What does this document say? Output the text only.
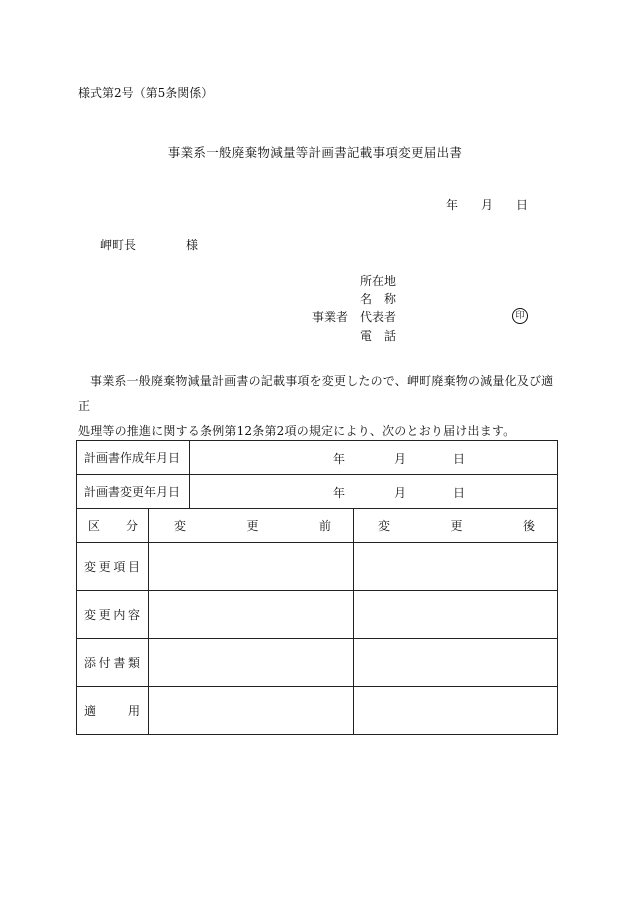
様式第2号（第5条関係）
事業系一般廃棄物減量等計画書記載事項変更届出書
年 月 日
岬町長	様
所在地
名 称
事業者 代表者	印
電 話

事業系一般廃棄物減量計画書の記載事項を変更したので、岬町廃棄物の減量化及び適正

処理等の推進に関する条例第12条第2項の規定により、次のとおり届け出ます。

計画書作成年月日		年 月 日	

計画書変更年月日		年 月 日	

区 分	変 更 前		変 更 後

変 更 項 目			

変 更 内 容			

添 付 書 類			

適 用			
